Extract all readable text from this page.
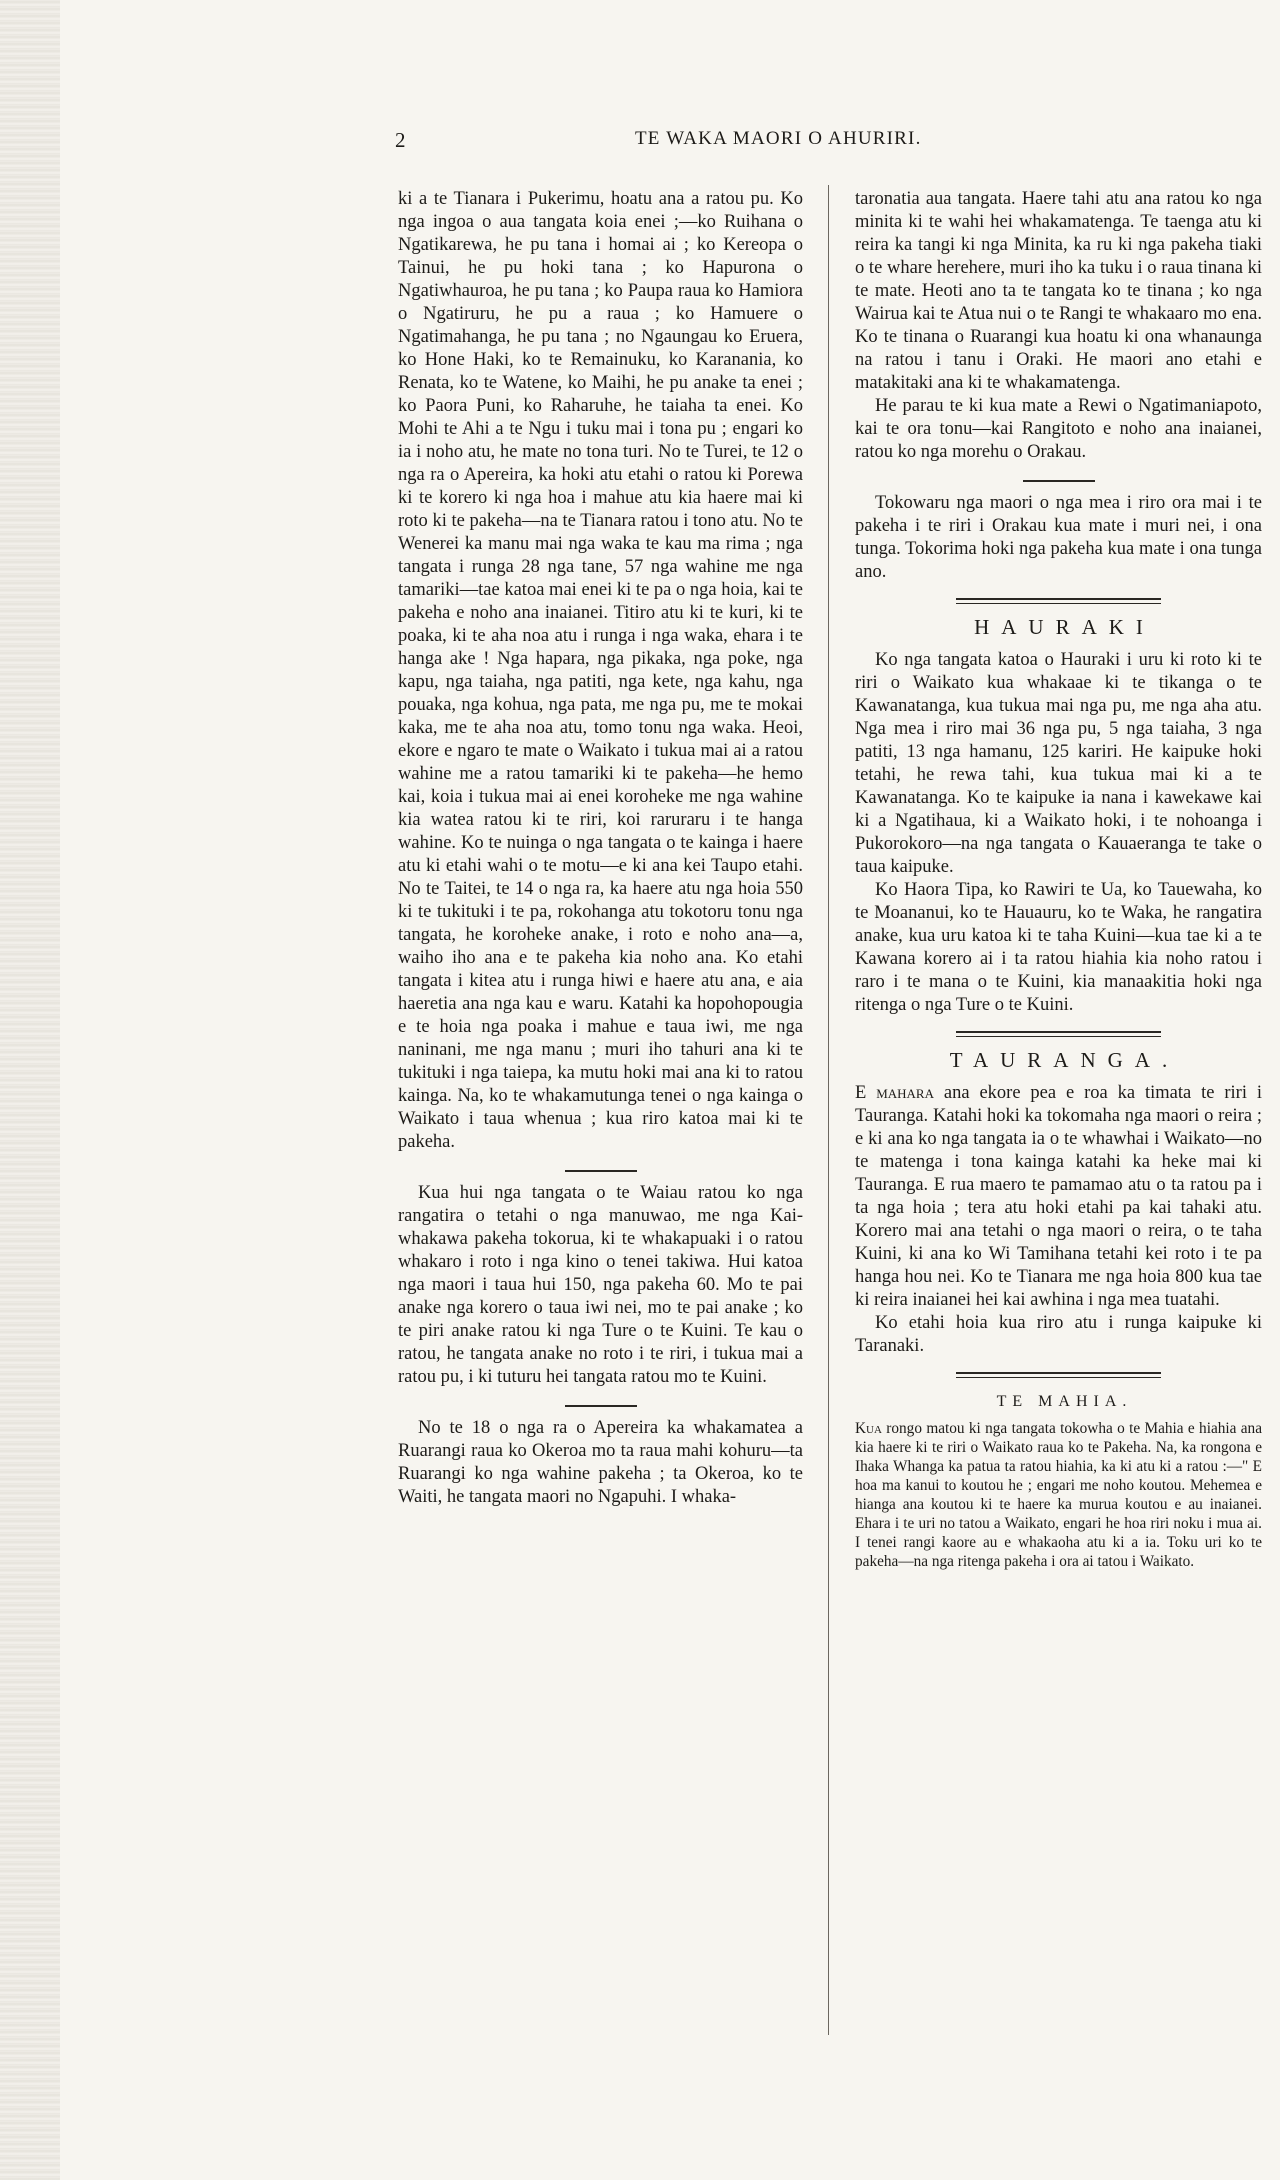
2	TE WAKA MAORI O AHURIRI.

ki a te Tianara i Pukerimu, hoatu ana a ratou pu. Ko nga ingoa o aua tangata koia enei ;—ko Ruihana o Ngatikarewa, he pu tana i homai ai ; ko Kereopa o Tainui, he pu hoki tana ; ko Hapurona o Ngatiwhauroa, he pu tana ; ko Paupa raua ko Hamiora o Ngatiruru, he pu a raua ; ko Hamuere o Ngatimahanga, he pu tana ; no Ngaungau ko Eruera, ko Hone Haki, ko te Remainuku, ko Karanania, ko Renata, ko te Watene, ko Maihi, he pu anake ta enei ; ko Paora Puni, ko Raharuhe, he taiaha ta enei. Ko Mohi te Ahi a te Ngu i tuku mai i tona pu ; engari ko ia i noho atu, he mate no tona turi. No te Turei, te 12 o nga ra o Apereira, ka hoki atu etahi o ratou ki Porewa ki te korero ki nga hoa i mahue atu kia haere mai ki roto ki te pakeha—na te Tianara ratou i tono atu. No te Wenerei ka manu mai nga waka te kau ma rima ; nga tangata i runga 28 nga tane, 57 nga wahine me nga tamariki—tae katoa mai enei ki te pa o nga hoia, kai te pakeha e noho ana inaianei. Titiro atu ki te kuri, ki te poaka, ki te aha noa atu i runga i nga waka, ehara i te hanga ake ! Nga hapara, nga pikaka, nga poke, nga kapu, nga taiaha, nga patiti, nga kete, nga kahu, nga pouaka, nga kohua, nga pata, me nga pu, me te mokai kaka, me te aha noa atu, tomo tonu nga waka. Heoi, ekore e ngaro te mate o Waikato i tukua mai ai a ratou wahine me a ratou tamariki ki te pakeha—he hemo kai, koia i tukua mai ai enei koroheke me nga wahine kia watea ratou ki te riri, koi raruraru i te hanga wahine. Ko te nuinga o nga tangata o te kainga i haere atu ki etahi wahi o te motu—e ki ana kei Taupo etahi. No te Taitei, te 14 o nga ra, ka haere atu nga hoia 550 ki te tukituki i te pa, rokohanga atu tokotoru tonu nga tangata, he koroheke anake, i roto e noho ana—a, waiho iho ana e te pakeha kia noho ana. Ko etahi tangata i kitea atu i runga hiwi e haere atu ana, e aia haeretia ana nga kau e waru. Katahi ka hopohopougia e te hoia nga poaka i mahue e taua iwi, me nga naninani, me nga manu ; muri iho tahuri ana ki te tukituki i nga taiepa, ka mutu hoki mai ana ki to ratou kainga. Na, ko te whakamutunga tenei o nga kainga o Waikato i taua whenua ; kua riro katoa mai ki te pakeha.

Kua hui nga tangata o te Waiau ratou ko nga rangatira o tetahi o nga manuwao, me nga Kai-whakawa pakeha tokorua, ki te whakapuaki i o ratou whakaro i roto i nga kino o tenei takiwa. Hui katoa nga maori i taua hui 150, nga pakeha 60. Mo te pai anake nga korero o taua iwi nei, mo te pai anake ; ko te piri anake ratou ki nga Ture o te Kuini. Te kau o ratou, he tangata anake no roto i te riri, i tukua mai a ratou pu, i ki tuturu hei tangata ratou mo te Kuini.

No te 18 o nga ra o Apereira ka whakamatea a Ruarangi raua ko Okeroa mo ta raua mahi kohuru—ta Ruarangi ko nga wahine pakeha ; ta Okeroa, ko te Waiti, he tangata maori no Ngapuhi. I whaka-

taronatia aua tangata. Haere tahi atu ana ratou ko nga minita ki te wahi hei whakamatenga. Te taenga atu ki reira ka tangi ki nga Minita, ka ru ki nga pakeha tiaki o te whare herehere, muri iho ka tuku i o raua tinana ki te mate. Heoti ano ta te tangata ko te tinana ; ko nga Wairua kai te Atua nui o te Rangi te whakaaro mo ena. Ko te tinana o Ruarangi kua hoatu ki ona whanaunga na ratou i tanu i Oraki. He maori ano etahi e matakitaki ana ki te whakamatenga.

He parau te ki kua mate a Rewi o Ngatimaniapoto, kai te ora tonu—kai Rangitoto e noho ana inaianei, ratou ko nga morehu o Orakau.

Tokowaru nga maori o nga mea i riro ora mai i te pakeha i te riri i Orakau kua mate i muri nei, i ona tunga. Tokorima hoki nga pakeha kua mate i ona tunga ano.

HAURAKI

Ko nga tangata katoa o Hauraki i uru ki roto ki te riri o Waikato kua whakaae ki te tikanga o te Kawanatanga, kua tukua mai nga pu, me nga aha atu. Nga mea i riro mai 36 nga pu, 5 nga taiaha, 3 nga patiti, 13 nga hamanu, 125 kariri. He kaipuke hoki tetahi, he rewa tahi, kua tukua mai ki a te Kawanatanga. Ko te kaipuke ia nana i kawekawe kai ki a Ngatihaua, ki a Waikato hoki, i te nohoanga i Pukorokoro—na nga tangata o Kauaeranga te take o taua kaipuke.

Ko Haora Tipa, ko Rawiri te Ua, ko Tauewaha, ko te Moananui, ko te Hauauru, ko te Waka, he rangatira anake, kua uru katoa ki te taha Kuini—kua tae ki a te Kawana korero ai i ta ratou hiahia kia noho ratou i raro i te mana o te Kuini, kia manaakitia hoki nga ritenga o nga Ture o te Kuini.

TAURANGA.

E mahara ana ekore pea e roa ka timata te riri i Tauranga. Katahi hoki ka tokomaha nga maori o reira ; e ki ana ko nga tangata ia o te whawhai i Waikato—no te matenga i tona kainga katahi ka heke mai ki Tauranga. E rua maero te pamamao atu o ta ratou pa i ta nga hoia ; tera atu hoki etahi pa kai tahaki atu. Korero mai ana tetahi o nga maori o reira, o te taha Kuini, ki ana ko Wi Tamihana tetahi kei roto i te pa hanga hou nei. Ko te Tianara me nga hoia 800 kua tae ki reira inaianei hei kai awhina i nga mea tuatahi.

Ko etahi hoia kua riro atu i runga kaipuke ki Taranaki.

TE MAHIA.

Kua rongo matou ki nga tangata tokowha o te Mahia e hiahia ana kia haere ki te riri o Waikato raua ko te Pakeha. Na, ka rongona e Ihaka Whanga ka patua ta ratou hiahia, ka ki atu ki a ratou :—" E hoa ma kanui to koutou he ; engari me noho koutou. Mehemea e hianga ana koutou ki te haere ka murua koutou e au inaianei. Ehara i te uri no tatou a Waikato, engari he hoa riri noku i mua ai. I tenei rangi kaore au e whakaoha atu ki a ia. Toku uri ko te pakeha—na nga ritenga pakeha i ora ai tatou i Waikato.
